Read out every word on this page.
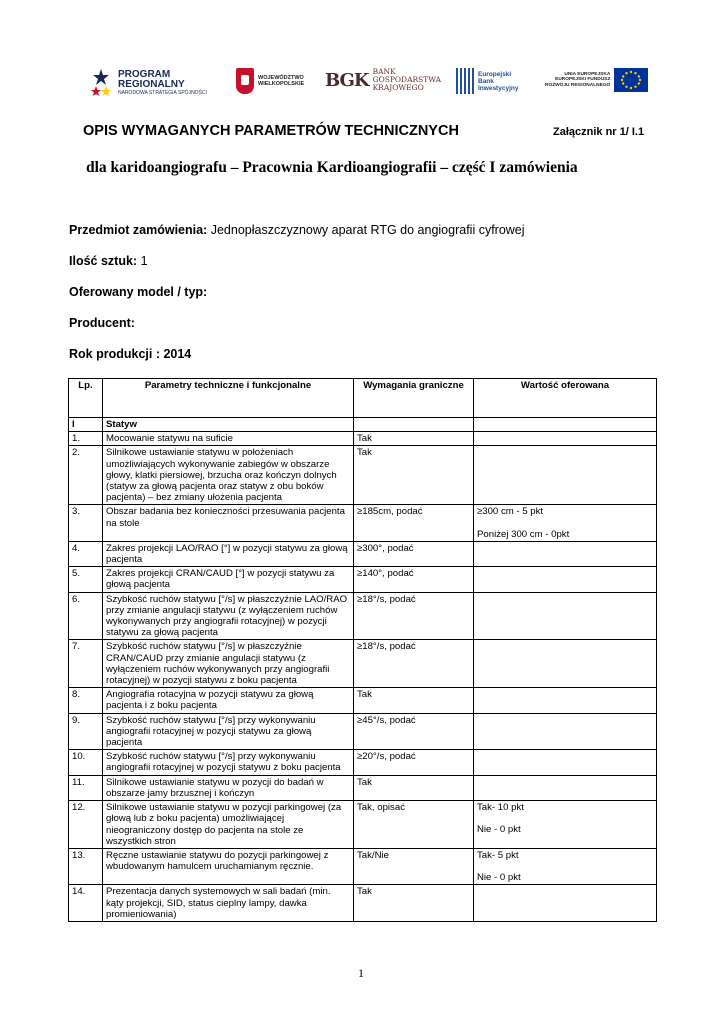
PROGRAM
REGIONALNY
NARODOWA STRATEGIA SPÓJNOŚCI
WOJEWÓDZTWO
WIELKOPOLSKIE BGK BANK
GOSPODARSTWA
KRAJOWEGO
Europejski
Bank
Inwestycyjny
UNIA EUROPEJSKA
EUROPEJSKI FUNDUSZ
ROZWOJU REGIONALNEGO
OPIS WYMAGANYCH PARAMETRÓW TECHNICZNYCH	Załącznik nr 1/ I.1
dla karidoangiografu – Pracownia Kardioangiografii – część I zamówienia
Przedmiot zamówienia: Jednopłaszczyznowy aparat RTG do angiografii cyfrowej
Ilość sztuk: 1
Oferowany model / typ:
Producent:
Rok produkcji : 2014
Lp.	Parametry techniczne i funkcjonalne	Wymagania graniczne	Wartość oferowana
I	Statyw		
1.	Mocowanie statywu na suficie	Tak	

2.	Silnikowe ustawianie statywu w położeniach umożliwiających wykonywanie zabiegów w obszarze głowy, klatki piersiowej, brzucha oraz kończyn dolnych (statyw za głową pacjenta oraz statyw z obu boków pacjenta) – bez zmiany ułożenia pacjenta	Tak	

3.	Obszar badania bez konieczności przesuwania pacjenta na stole	≥185cm, podać	≥300 cm - 5 pkt
Poniżej 300 cm - 0pkt

4.	Zakres projekcji LAO/RAO [°] w pozycji statywu za głową pacjenta	≥300°, podać	

5.	Zakres projekcji CRAN/CAUD [°] w pozycji statywu za głową pacjenta	≥140°, podać	

6.	Szybkość ruchów statywu [°/s] w płaszczyźnie LAO/RAO przy zmianie angulacji statywu (z wyłączeniem ruchów wykonywanych przy angiografii rotacyjnej) w pozycji statywu za głową pacjenta	≥18°/s, podać	

7.	Szybkość ruchów statywu [°/s] w płaszczyźnie CRAN/CAUD przy zmianie angulacji statywu (z wyłączeniem ruchów wykonywanych przy angiografii rotacyjnej) w pozycji statywu z boku pacjenta	≥18°/s, podać	

8.	Angiografia rotacyjna w pozycji statywu za głową pacjenta i z boku pacjenta	Tak	

9.	Szybkość ruchów statywu [°/s] przy wykonywaniu angiografii rotacyjnej w pozycji statywu za głową pacjenta	≥45°/s, podać	

10.	Szybkość ruchów statywu [°/s] przy wykonywaniu angiografii rotacyjnej w pozycji statywu z boku pacjenta	≥20°/s, podać	

11.	Silnikowe ustawianie statywu w pozycji do badań w obszarze jamy brzusznej i kończyn	Tak	

12.	Silnikowe ustawianie statywu w pozycji parkingowej (za głową lub z boku pacjenta) umożliwiającej nieograniczony dostęp do pacjenta na stole ze wszystkich stron	Tak, opisać	Tak- 10 pkt
Nie - 0 pkt

13.	Ręczne ustawianie statywu do pozycji parkingowej z wbudowanym hamulcem uruchamianym ręcznie.	Tak/Nie	Tak- 5 pkt
Nie - 0 pkt

14.	Prezentacja danych systemowych w sali badań (min. kąty projekcji, SID, status cieplny lampy, dawka promieniowania)	Tak	
1
